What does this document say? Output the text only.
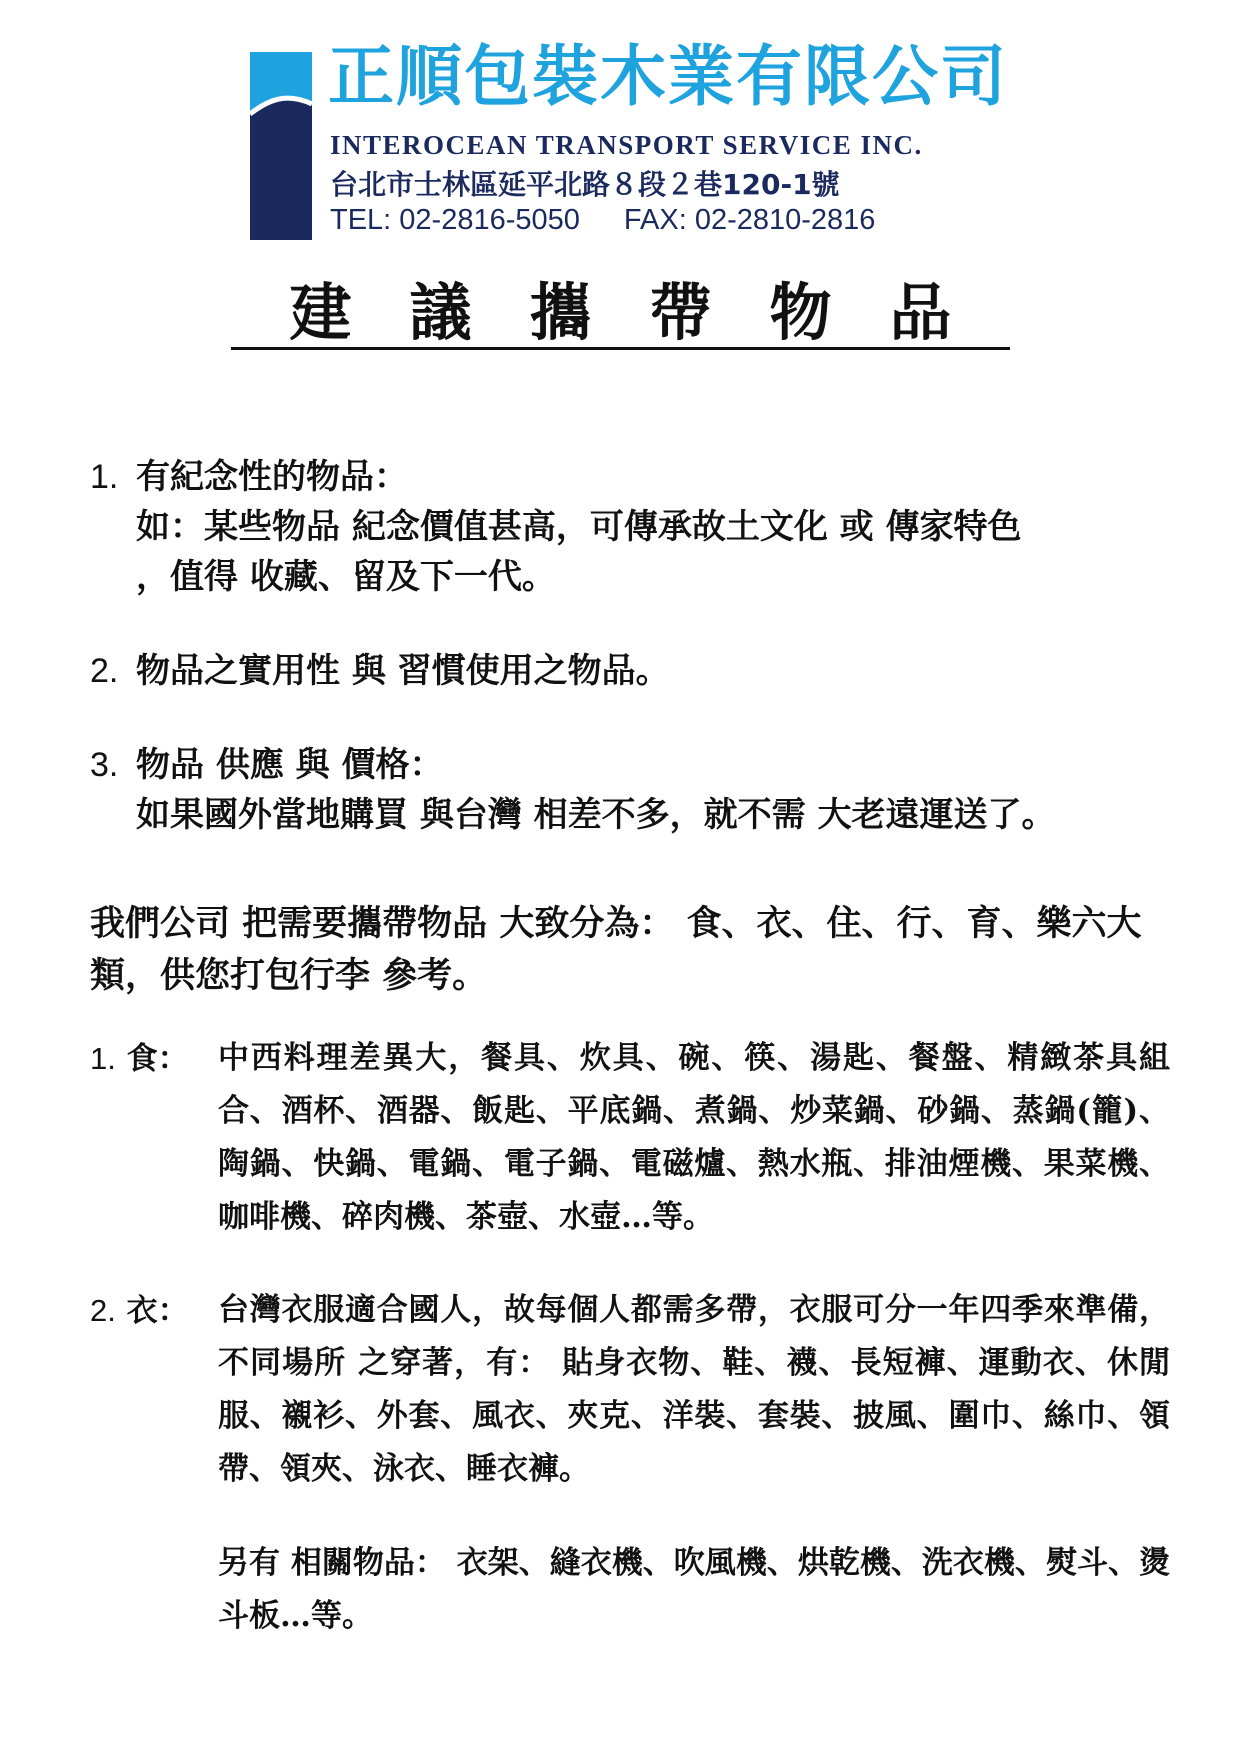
正順包裝木業有限公司
INTEROCEAN TRANSPORT SERVICE INC.
台北市士林區延平北路８段２巷120-1號
TEL: 02-2816-5050 FAX: 02-2810-2816
建議攜帶物品
1. 有紀念性的物品：
如：某些物品 紀念價值甚高，可傳承故土文化 或 傳家特色
，值得 收藏、留及下一代。
2. 物品之實用性 與 習慣使用之物品。
3. 物品 供應 與 價格：
如果國外當地購買 與台灣 相差不多，就不需 大老遠運送了。
我們公司 把需要攜帶物品 大致分為： 食、衣、住、行、育、樂六大類，供您打包行李 參考。
1. 食： 中西料理差異大，餐具、炊具、碗、筷、湯匙、餐盤、精緻茶具組合、酒杯、酒器、飯匙、平底鍋、煮鍋、炒菜鍋、砂鍋、蒸鍋(籠)、陶鍋、快鍋、電鍋、電子鍋、電磁爐、熱水瓶、排油煙機、果菜機、咖啡機、碎肉機、茶壺、水壺…等。
2. 衣： 台灣衣服適合國人，故每個人都需多帶，衣服可分一年四季來準備，不同場所 之穿著，有： 貼身衣物、鞋、襪、長短褲、運動衣、休閒服、襯衫、外套、風衣、夾克、洋裝、套裝、披風、圍巾、絲巾、領帶、領夾、泳衣、睡衣褲。
另有 相關物品： 衣架、縫衣機、吹風機、烘乾機、洗衣機、熨斗、燙斗板…等。
